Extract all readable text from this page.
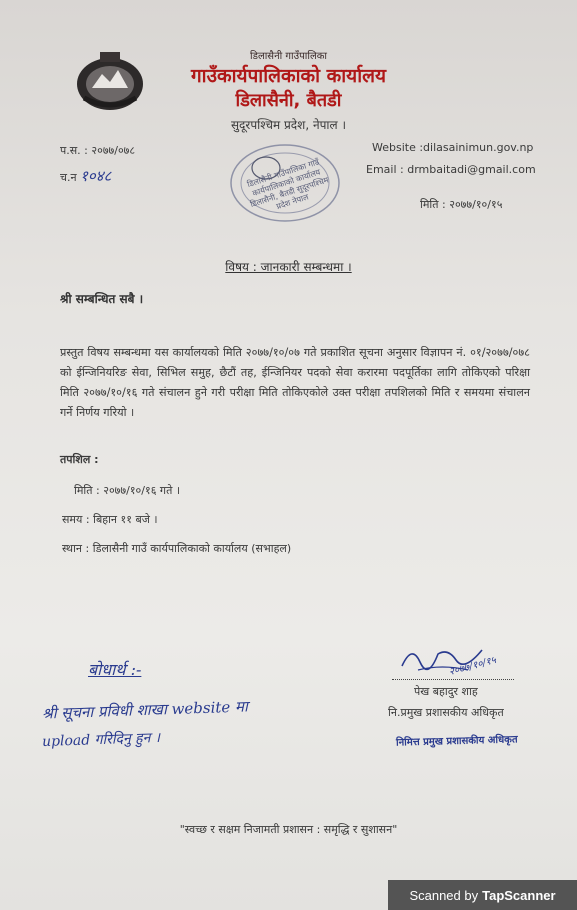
डिलासैनी गाउँपालिका
गाउँकार्यपालिकाको कार्यालय
डिलासैनी, बैतडी
सुदूरपश्चिम प्रदेश, नेपाल ।
प.स. : २०७७/०७८
च.न १०४८
Website :dilasainimun.gov.np
Email : drmbaitadi@gmail.com
मिति : २०७७/१०/१५
डिलासैनी गाउँपालिका गाउँ कार्यपालिकाको कार्यालय डिलासैनी, बैतडी सुदूरपश्चिम प्रदेश नेपाल
विषय : जानकारी सम्बन्धमा ।
श्री सम्बन्धित सबै ।
प्रस्तुत विषय सम्बन्धमा यस कार्यालयको मिति २०७७/१०/०७ गते प्रकाशित सूचना अनुसार विज्ञापन नं. ०१/२०७७/०७८ को ईन्जिनियरिङ सेवा, सिभिल समुह, छैटौं तह, ईन्जिनियर पदको सेवा करारमा पदपूर्तिका लागि तोकिएको परिक्षा मिति २०७७/१०/१६ गते संचालन हुने गरी परीक्षा मिति तोकिएकोले उक्त परीक्षा तपशिलको मिति र समयमा संचालन गर्ने निर्णय गरियो ।
तपशिल :
मिति : २०७७/१०/१६ गते ।
समय : बिहान ११ बजे ।
स्थान : डिलासैनी गाउँ कार्यपालिकाको कार्यालय (सभाहल)
बोधार्थ :-
श्री सूचना प्रविधी शाखा website मा
upload गरिदिनु हुन ।
२०७७/१०/१५
पेख बहादुर शाह
नि.प्रमुख प्रशासकीय अधिकृत
निमित्त प्रमुख प्रशासकीय अधिकृत
"स्वच्छ र सक्षम निजामती प्रशासन : समृद्धि र सुशासन"
Scanned by TapScanner
